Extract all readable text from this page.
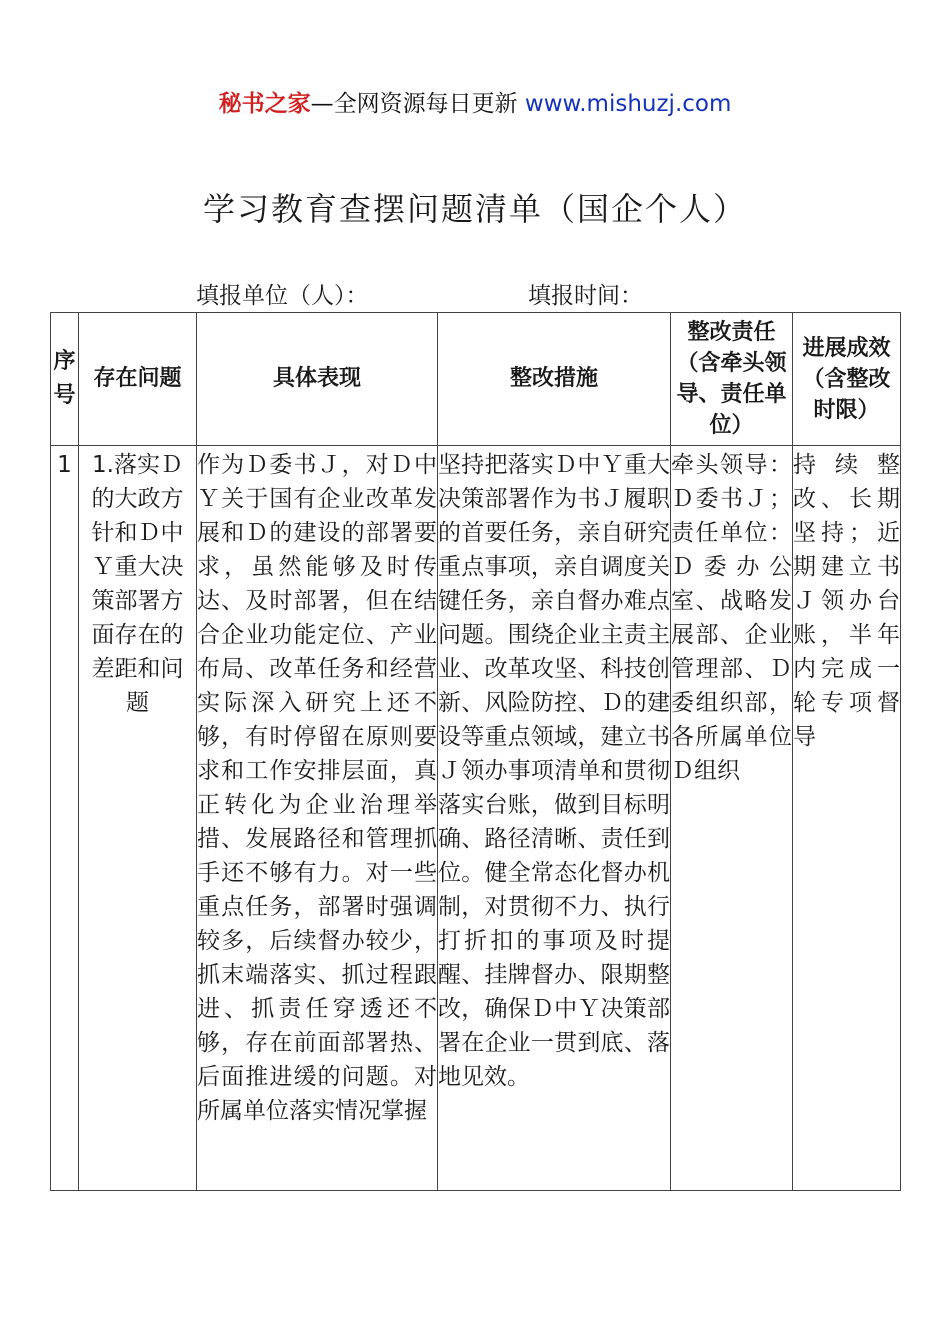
秘书之家—全网资源每日更新 www.mishuzj.com
学习教育查摆问题清单（国企个人）
填报单位（人）：	填报时间：
序号	存在问题	具体表现	整改措施	整改责任（含牵头领导、责任单位）	进展成效（含整改时限）
1	1.落实Ｄ的大政方针和Ｄ中Ｙ重大决策部署方面存在的差距和问题	作为Ｄ委书Ｊ，对Ｄ中Ｙ关于国有企业改革发展和Ｄ的建设的部署要求，虽然能够及时传达、及时部署，但在结合企业功能定位、产业布局、改革任务和经营实际深入研究上还不够，有时停留在原则要求和工作安排层面，真正转化为企业治理举措、发展路径和管理抓手还不够有力。对一些重点任务，部署时强调较多，后续督办较少，抓末端落实、抓过程跟进、抓责任穿透还不够，存在前面部署热、后面推进缓的问题。对所属单位落实情况掌握	坚持把落实Ｄ中Ｙ重大决策部署作为书Ｊ履职的首要任务，亲自研究重点事项，亲自调度关键任务，亲自督办难点问题。围绕企业主责主业、改革攻坚、科技创新、风险防控、Ｄ的建设等重点领域，建立书Ｊ领办事项清单和贯彻落实台账，做到目标明确、路径清晰、责任到位。健全常态化督办机制，对贯彻不力、执行打折扣的事项及时提醒、挂牌督办、限期整改，确保Ｄ中Ｙ决策部署在企业一贯到底、落地见效。	牵头领导：Ｄ委书Ｊ；责任单位：Ｄ委办公室、战略发展部、企业管理部、Ｄ委组织部，各所属单位Ｄ组织	持续整改、长期坚持；近期建立书Ｊ领办台账，半年内完成一轮专项督导
